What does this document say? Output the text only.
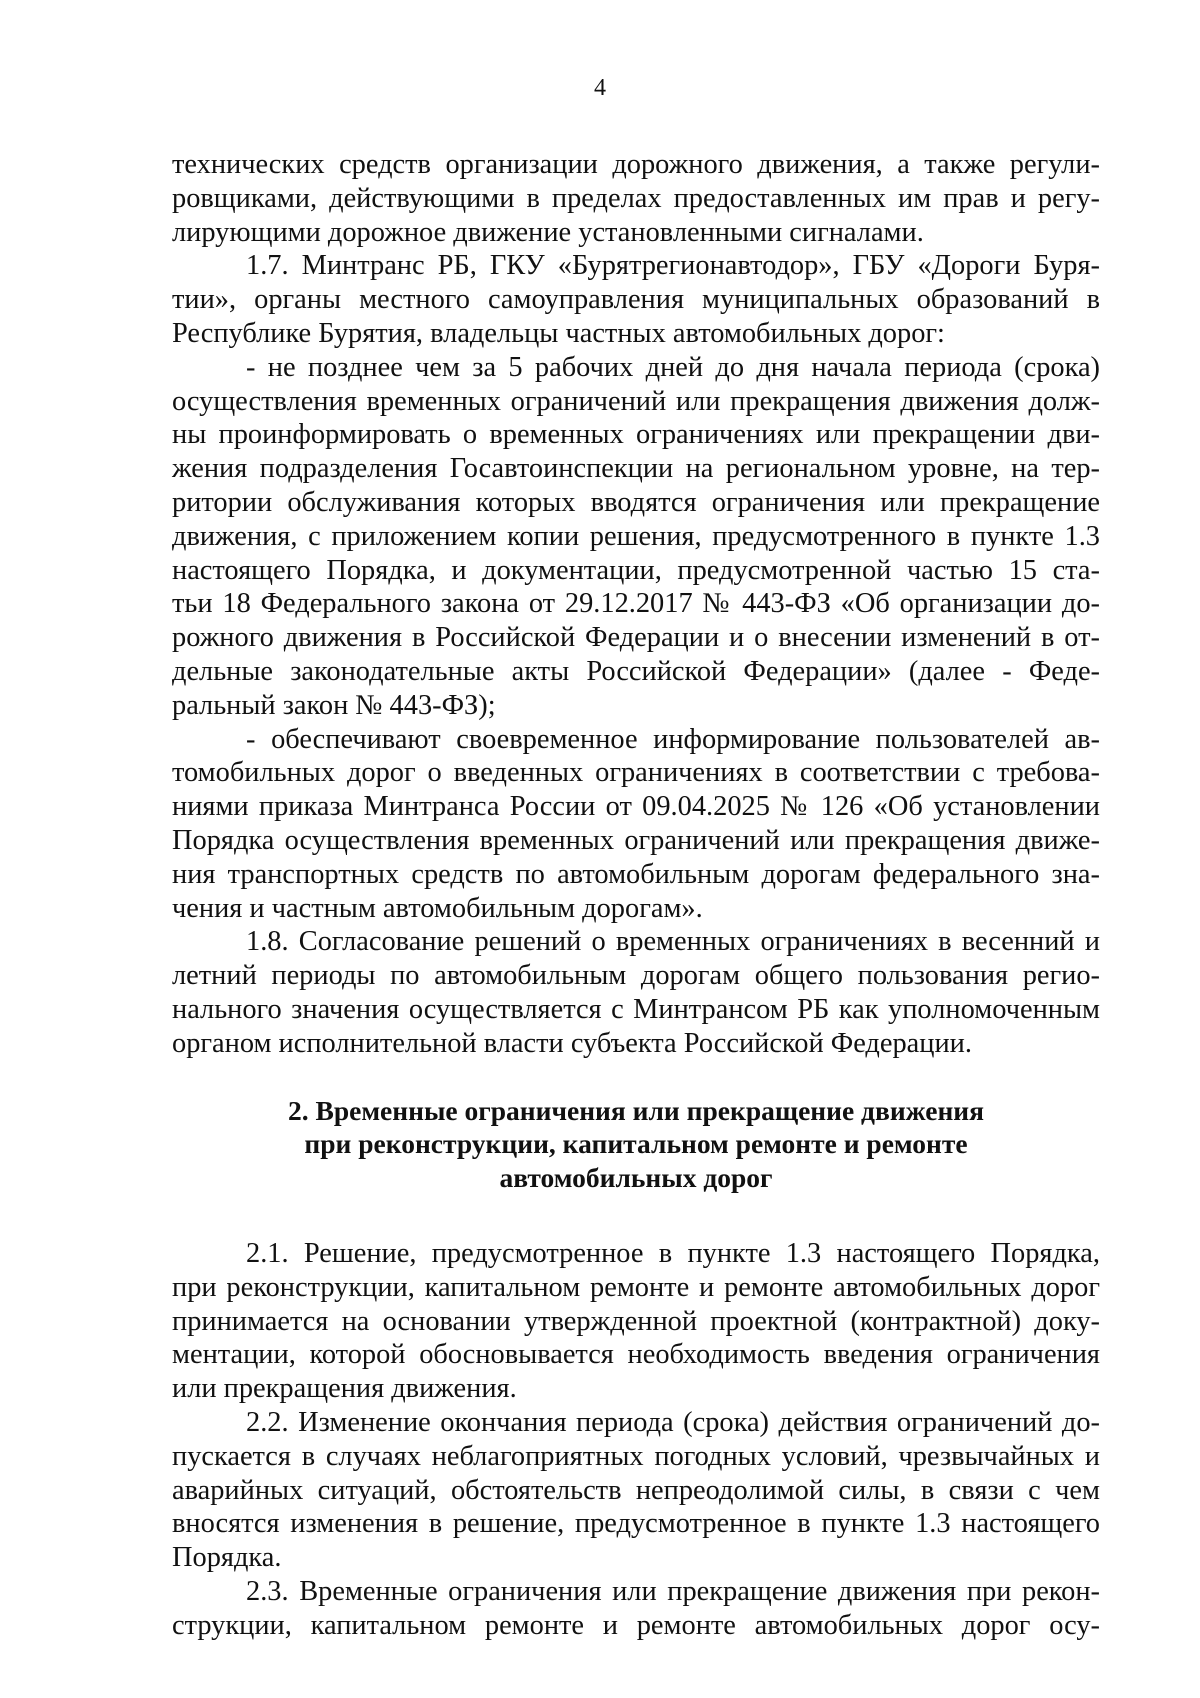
4
технических средств организации дорожного движения, а также регули-
ровщиками, действующими в пределах предоставленных им прав и регу-
лирующими дорожное движение установленными сигналами.
1.7. Минтранс РБ, ГКУ «Бурятрегионавтодор», ГБУ «Дороги Буря-
тии», органы местного самоуправления муниципальных образований в
Республике Бурятия, владельцы частных автомобильных дорог:
- не позднее чем за 5 рабочих дней до дня начала периода (срока)
осуществления временных ограничений или прекращения движения долж-
ны проинформировать о временных ограничениях или прекращении дви-
жения подразделения Госавтоинспекции на региональном уровне, на тер-
ритории обслуживания которых вводятся ограничения или прекращение
движения, с приложением копии решения, предусмотренного в пункте 1.3
настоящего Порядка, и документации, предусмотренной частью 15 ста-
тьи 18 Федерального закона от 29.12.2017 № 443-ФЗ «Об организации до-
рожного движения в Российской Федерации и о внесении изменений в от-
дельные законодательные акты Российской Федерации» (далее - Феде-
ральный закон № 443-ФЗ);
- обеспечивают своевременное информирование пользователей ав-
томобильных дорог о введенных ограничениях в соответствии с требова-
ниями приказа Минтранса России от 09.04.2025 № 126 «Об установлении
Порядка осуществления временных ограничений или прекращения движе-
ния транспортных средств по автомобильным дорогам федерального зна-
чения и частным автомобильным дорогам».
1.8. Согласование решений о временных ограничениях в весенний и
летний периоды по автомобильным дорогам общего пользования регио-
нального значения осуществляется с Минтрансом РБ как уполномоченным
органом исполнительной власти субъекта Российской Федерации.
2. Временные ограничения или прекращение движения
при реконструкции, капитальном ремонте и ремонте
автомобильных дорог
2.1. Решение, предусмотренное в пункте 1.3 настоящего Порядка,
при реконструкции, капитальном ремонте и ремонте автомобильных дорог
принимается на основании утвержденной проектной (контрактной) доку-
ментации, которой обосновывается необходимость введения ограничения
или прекращения движения.
2.2. Изменение окончания периода (срока) действия ограничений до-
пускается в случаях неблагоприятных погодных условий, чрезвычайных и
аварийных ситуаций, обстоятельств непреодолимой силы, в связи с чем
вносятся изменения в решение, предусмотренное в пункте 1.3 настоящего
Порядка.
2.3. Временные ограничения или прекращение движения при рекон-
струкции, капитальном ремонте и ремонте автомобильных дорог осу-
